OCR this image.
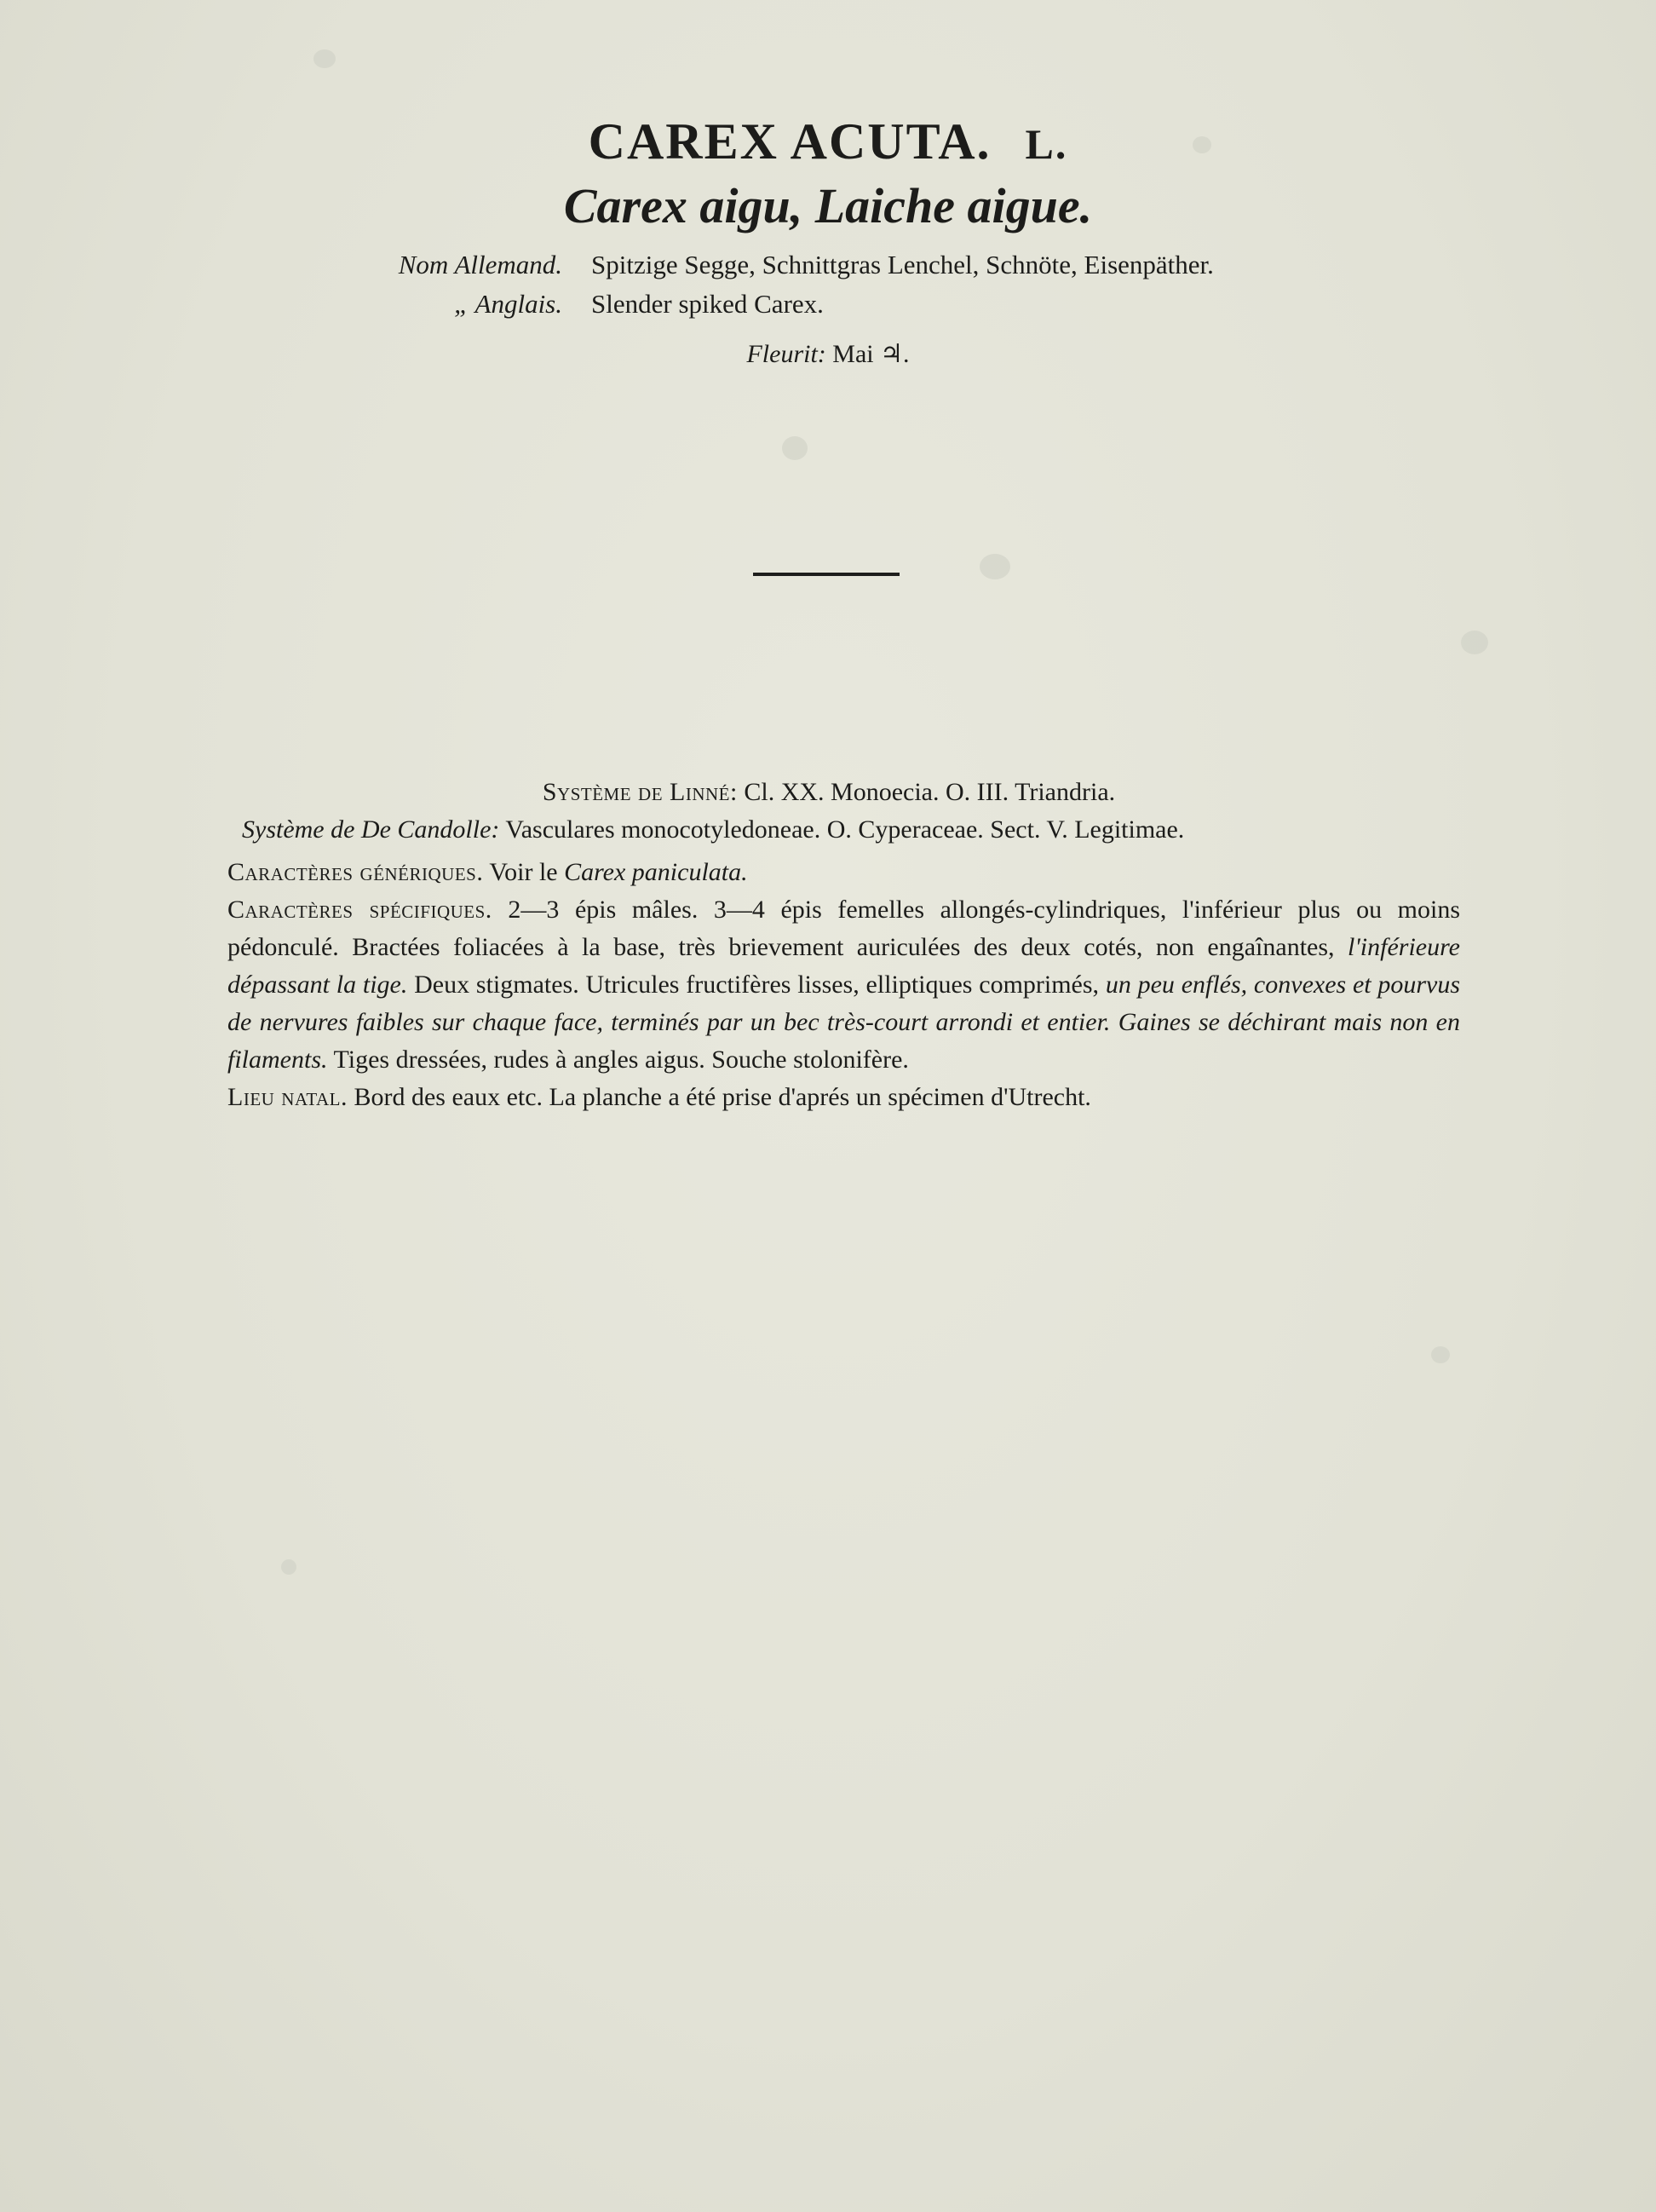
CAREX ACUTA. L.
Carex aigu, Laiche aigue.
Nom Allemand. Spitzige Segge, Schnittgras Lenchel, Schnöte, Eisenpäther.
„ Anglais. Slender spiked Carex.
Fleurit: Mai ♃.
Système de Linné: Cl. XX. Monoecia. O. III. Triandria.
Système de De Candolle: Vasculares monocotyledoneae. O. Cyperaceae. Sect. V. Legitimae.
Caractères génériques. Voir le Carex paniculata.
Caractères spécifiques. 2—3 épis mâles. 3—4 épis femelles allongés-cylindriques, l'inférieur plus ou moins pédonculé. Bractées foliacées à la base, très brievement auriculées des deux cotés, non engaînantes, l'inférieure dépassant la tige. Deux stigmates. Utricules fructifères lisses, elliptiques comprimés, un peu enflés, convexes et pourvus de nervures faibles sur chaque face, terminés par un bec très-court arrondi et entier. Gaines se déchirant mais non en filaments. Tiges dressées, rudes à angles aigus. Souche stolonifère.
Lieu natal. Bord des eaux etc. La planche a été prise d'aprés un spécimen d'Utrecht.
